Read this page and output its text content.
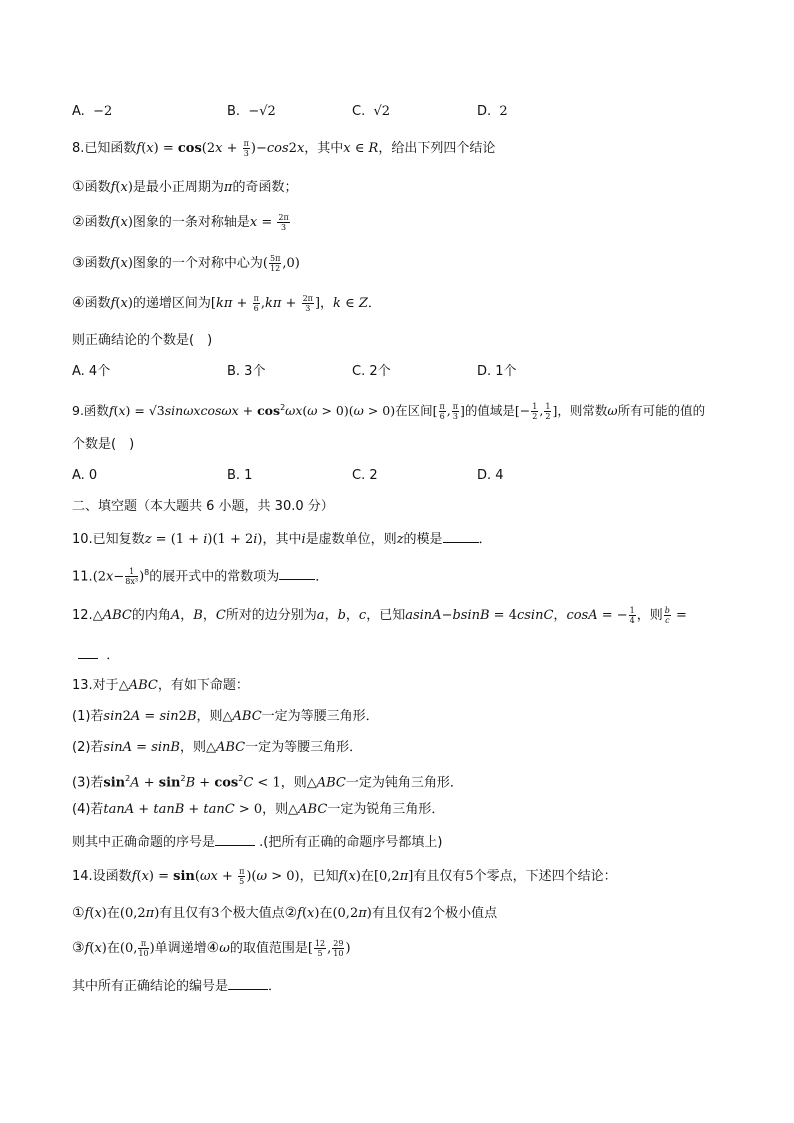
A.  −2	B.  −√2	C.  √2	D.  2
8.已知函数$f(x) = \cos(2x + \frac{\pi}{3} )-\cos 2x$，其中x ∈ R，给出下列四个结论
①函数f(x)是最小正周期为π的奇函数；
②函数f(x)图象的一条对称轴是$x = \frac{2\pi}{3}$
③函数f(x)图象的一个对称中心为( $\frac{5\pi}{12} ,0$)
④函数f(x)的递增区间为[$k\pi + \frac{\pi}{6} ,k\pi + \frac{2\pi}{3}$ ]，k ∈ Z．
则正确结论的个数是(　)
A. 4个	B. 3个	C. 2个	D. 1个
9.函数$f(x) = √3\sin\omega xcos\omega x + \cos^2\omega x(\omega > 0)(\omega > 0)$在区间[ $\frac{\pi}{6}$ , $\frac{\pi}{3}$ ]的值域是[− $\frac{1}{2}$ , $\frac{1}{2}$ ]，则常数ω所有可能的值的
个数是(　)
A. 0	B. 1	C. 2	D. 4
二、填空题（本大题共 6 小题，共 30.0 分）
10.已知复数z = (1 + i)(1 + 2i)，其中i是虚数单位，则z的模是	．
$11.(2x- \frac{1}{\text{8x³}} )^8$的展开式中的常数项为	．
12.△ABC的内角A，B，C所对的边分别为a，b，c，已知asinA−bsinB = 4csinC，cosA = − $\frac{1}{4}$ ，则 $\frac{b}{c}$ =
．
13.对于△ABC，有如下命题：
(1)若sin2A = sin2B，则△ABC一定为等腰三角形．
(2)若sinA = sinB，则△ABC一定为等腰三角形．
(3)若$\sin^2A + \sin^2B + \cos^2C < 1$，则△ABC一定为钝角三角形．
(4)若tanA + tanB + tanC > 0，则△ABC一定为锐角三角形．
则其中正确命题的序号是	.(把所有正确的命题序号都填上)
14.设函数$f(x) = \sin(\omega x + \frac{\pi}{5} )(\omega > 0)$，已知f(x)在[0,2π]有且仅有5个零点，下述四个结论：
①f(x)在(0,2π)有且仅有3个极大值点②f(x)在(0,2π)有且仅有2个极小值点
③f(x)在(0, $\frac{\pi}{10}$ )单调递增④ω的取值范围是[ $\frac{12}{5}$ , $\frac{29}{10}$ )
其中所有正确结论的编号是	．
